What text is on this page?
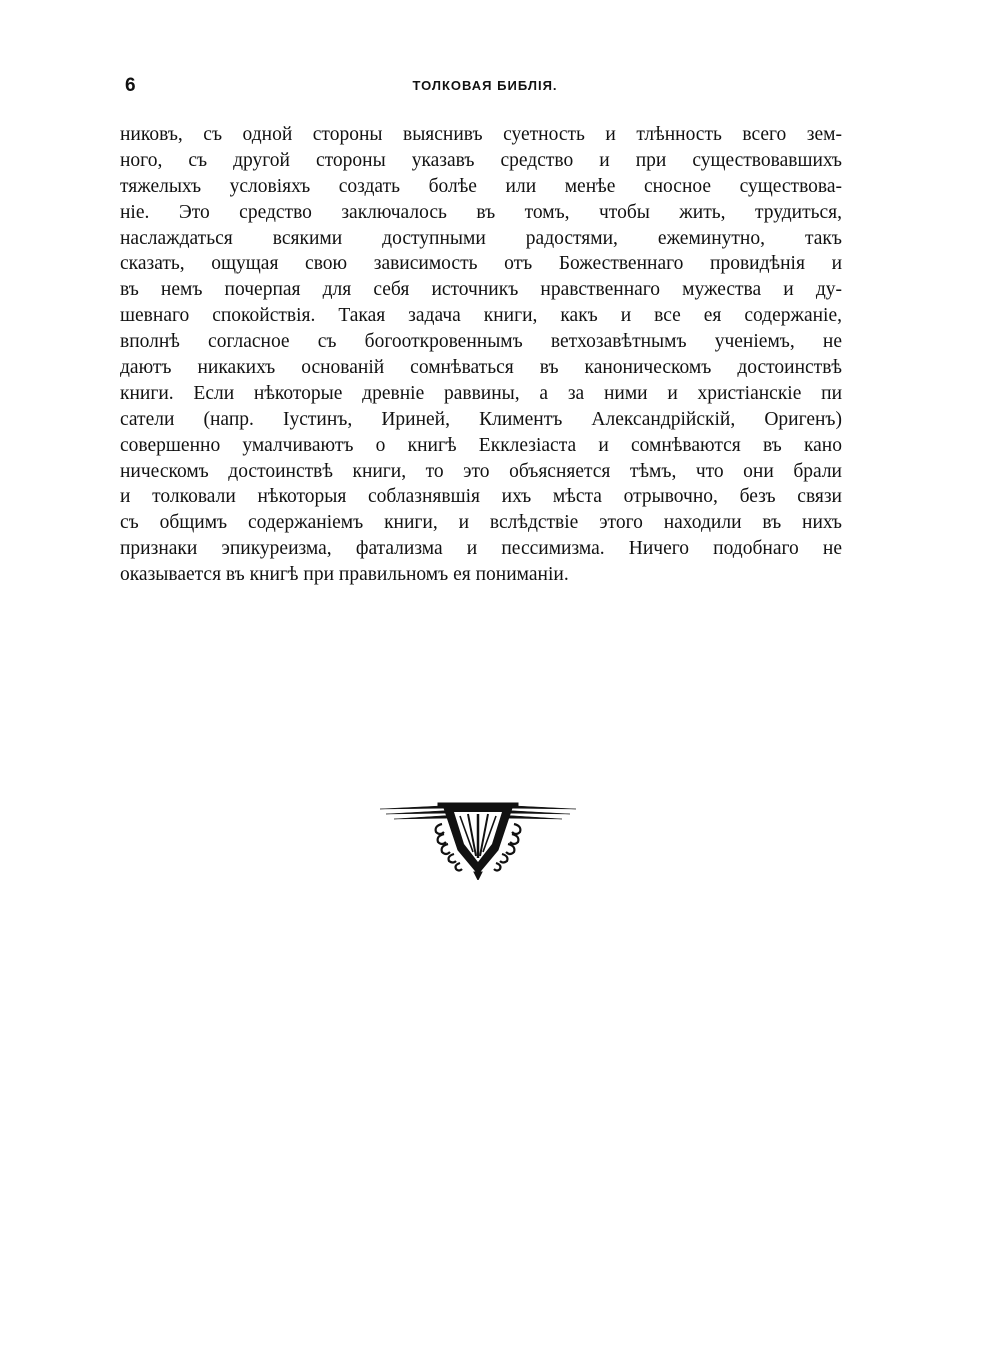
6	ТОЛКОВАЯ БИБЛІЯ.
никовъ, съ одной стороны выяснивъ суетность и тлѣнность всего зем-
ного, съ другой стороны указавъ средство и при существовавшихъ
тяжелыхъ условіяхъ создать болѣе или менѣе сносное существова-
ніе. Это средство заключалось въ томъ, чтобы жить, трудиться,
наслаждаться всякими доступными радостями, ежеминутно, такъ
сказать, ощущая свою зависимость отъ Божественнаго провидѣнія и
въ немъ почерпая для себя источникъ нравственнаго мужества и ду-
шевнаго спокойствія. Такая задача книги, какъ и все ея содержаніе,
вполнѣ согласное съ богооткровеннымъ ветхозавѣтнымъ ученіемъ, не
даютъ никакихъ основаній сомнѣваться въ каноническомъ достоинствѣ
книги. Если нѣкоторые древніе раввины, а за ними и христіанскіе пи
сатели (напр. Іустинъ, Ириней, Климентъ Александрійскій, Оригенъ)
совершенно умалчиваютъ о книгѣ Екклезіаста и сомнѣваются въ кано
ническомъ достоинствѣ книги, то это объясняется тѣмъ, что они брали
и толковали нѣкоторыя соблазнявшія ихъ мѣста отрывочно, безъ связи
съ общимъ содержаніемъ книги, и вслѣдствіе этого находили въ нихъ
признаки эпикуреизма, фатализма и пессимизма. Ничего подобнаго не
оказывается въ книгѣ при правильномъ ея пониманіи.
